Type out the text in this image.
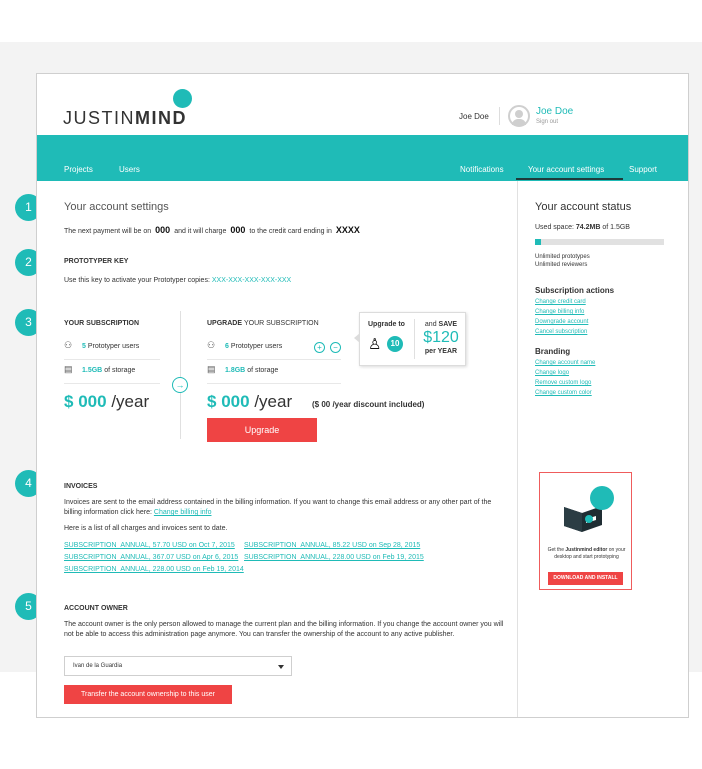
1
2
3
4
5
JUSTINMIND	Joe Doe	Joe Doe
Sign out
Projects	Users	Notifications	Your account settings	Support
Your account settings
The next payment will be on 000 and it will charge 000 to the credit card ending in XXXX
PROTOTYPER KEY
Use this key to activate your Prototyper copies: XXX-XXX-XXX-XXX-XXX
YOUR SUBSCRIPTION
⚇ 5 Prototyper users
▤ 1.5GB of storage
$ 000 /year
→
UPGRADE YOUR SUBSCRIPTION
⚇ 6 Prototyper users	+	−
▤ 1.8GB of storage
$ 000 /year ($ 00 /year discount included)
Upgrade
Upgrade to
♙	10
and SAVE
$120
per YEAR
INVOICES
Invoices are sent to the email address contained in the billing information. If you want to change this email address or any other part of the billing information click here: Change billing info
Here is a list of all charges and invoices sent to date.
SUBSCRIPTION_ANNUAL, 57.70 USD on Oct 7, 2015 SUBSCRIPTION_ANNUAL, 85.22 USD on Sep 28, 2015
SUBSCRIPTION_ANNUAL, 367.07 USD on Apr 6, 2015 SUBSCRIPTION_ANNUAL, 228.00 USD on Feb 19, 2015
SUBSCRIPTION_ANNUAL, 228.00 USD on Feb 19, 2014
ACCOUNT OWNER
The account owner is the only person allowed to manage the current plan and the billing information. If you change the account owner you will not be able to access this administration page anymore. You can transfer the ownership of the account to any active publisher.
Ivan de la Guardia
Transfer the account ownership to this user
Your account status
Used space: 74.2MB of 1.5GB
Unlimited prototypes
Unlimited reviewers
Subscription actions
Change credit card
Change billing info
Downgrade account
Cancel subscription
Branding
Change account name
Change logo
Remove custom logo
Change custom color
Get the Justinmind editor on your desktop and start prototyping
DOWNLOAD AND INSTALL
